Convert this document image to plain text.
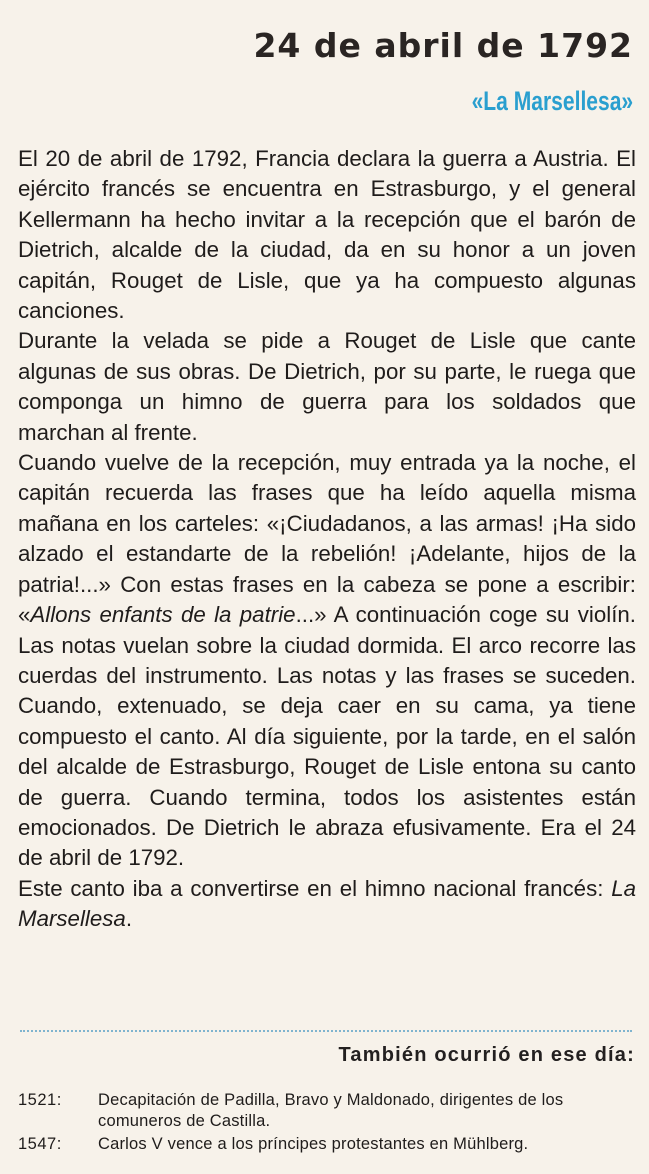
24 de abril de 1792
«La Marsellesa»

El 20 de abril de 1792, Francia declara la guerra a Austria. El ejército francés se encuentra en Estrasburgo, y el general Kellermann ha hecho invitar a la recepción que el barón de Dietrich, alcalde de la ciudad, da en su honor a un joven capitán, Rouget de Lisle, que ya ha compuesto algunas canciones.

Durante la velada se pide a Rouget de Lisle que cante algunas de sus obras. De Dietrich, por su parte, le ruega que componga un himno de guerra para los soldados que marchan al frente.

Cuando vuelve de la recepción, muy entrada ya la noche, el capitán recuerda las frases que ha leído aquella misma mañana en los carteles: «¡Ciudadanos, a las armas! ¡Ha sido alzado el estandarte de la rebelión! ¡Adelante, hijos de la patria!...» Con estas frases en la cabeza se pone a escribir: «Allons enfants de la patrie...» A continuación coge su violín. Las notas vuelan sobre la ciudad dormida. El arco recorre las cuerdas del instrumento. Las notas y las frases se suceden. Cuando, extenuado, se deja caer en su cama, ya tiene compuesto el canto. Al día siguiente, por la tarde, en el salón del alcalde de Estrasburgo, Rouget de Lisle entona su canto de guerra. Cuando termina, todos los asistentes están emocionados. De Dietrich le abraza efusivamente. Era el 24 de abril de 1792.

Este canto iba a convertirse en el himno nacional francés: La Marsellesa.

También ocurrió en ese día:
1521:	Decapitación de Padilla, Bravo y Maldonado, dirigentes de los comuneros de Castilla.
1547:	Carlos V vence a los príncipes protestantes en Mühlberg.
